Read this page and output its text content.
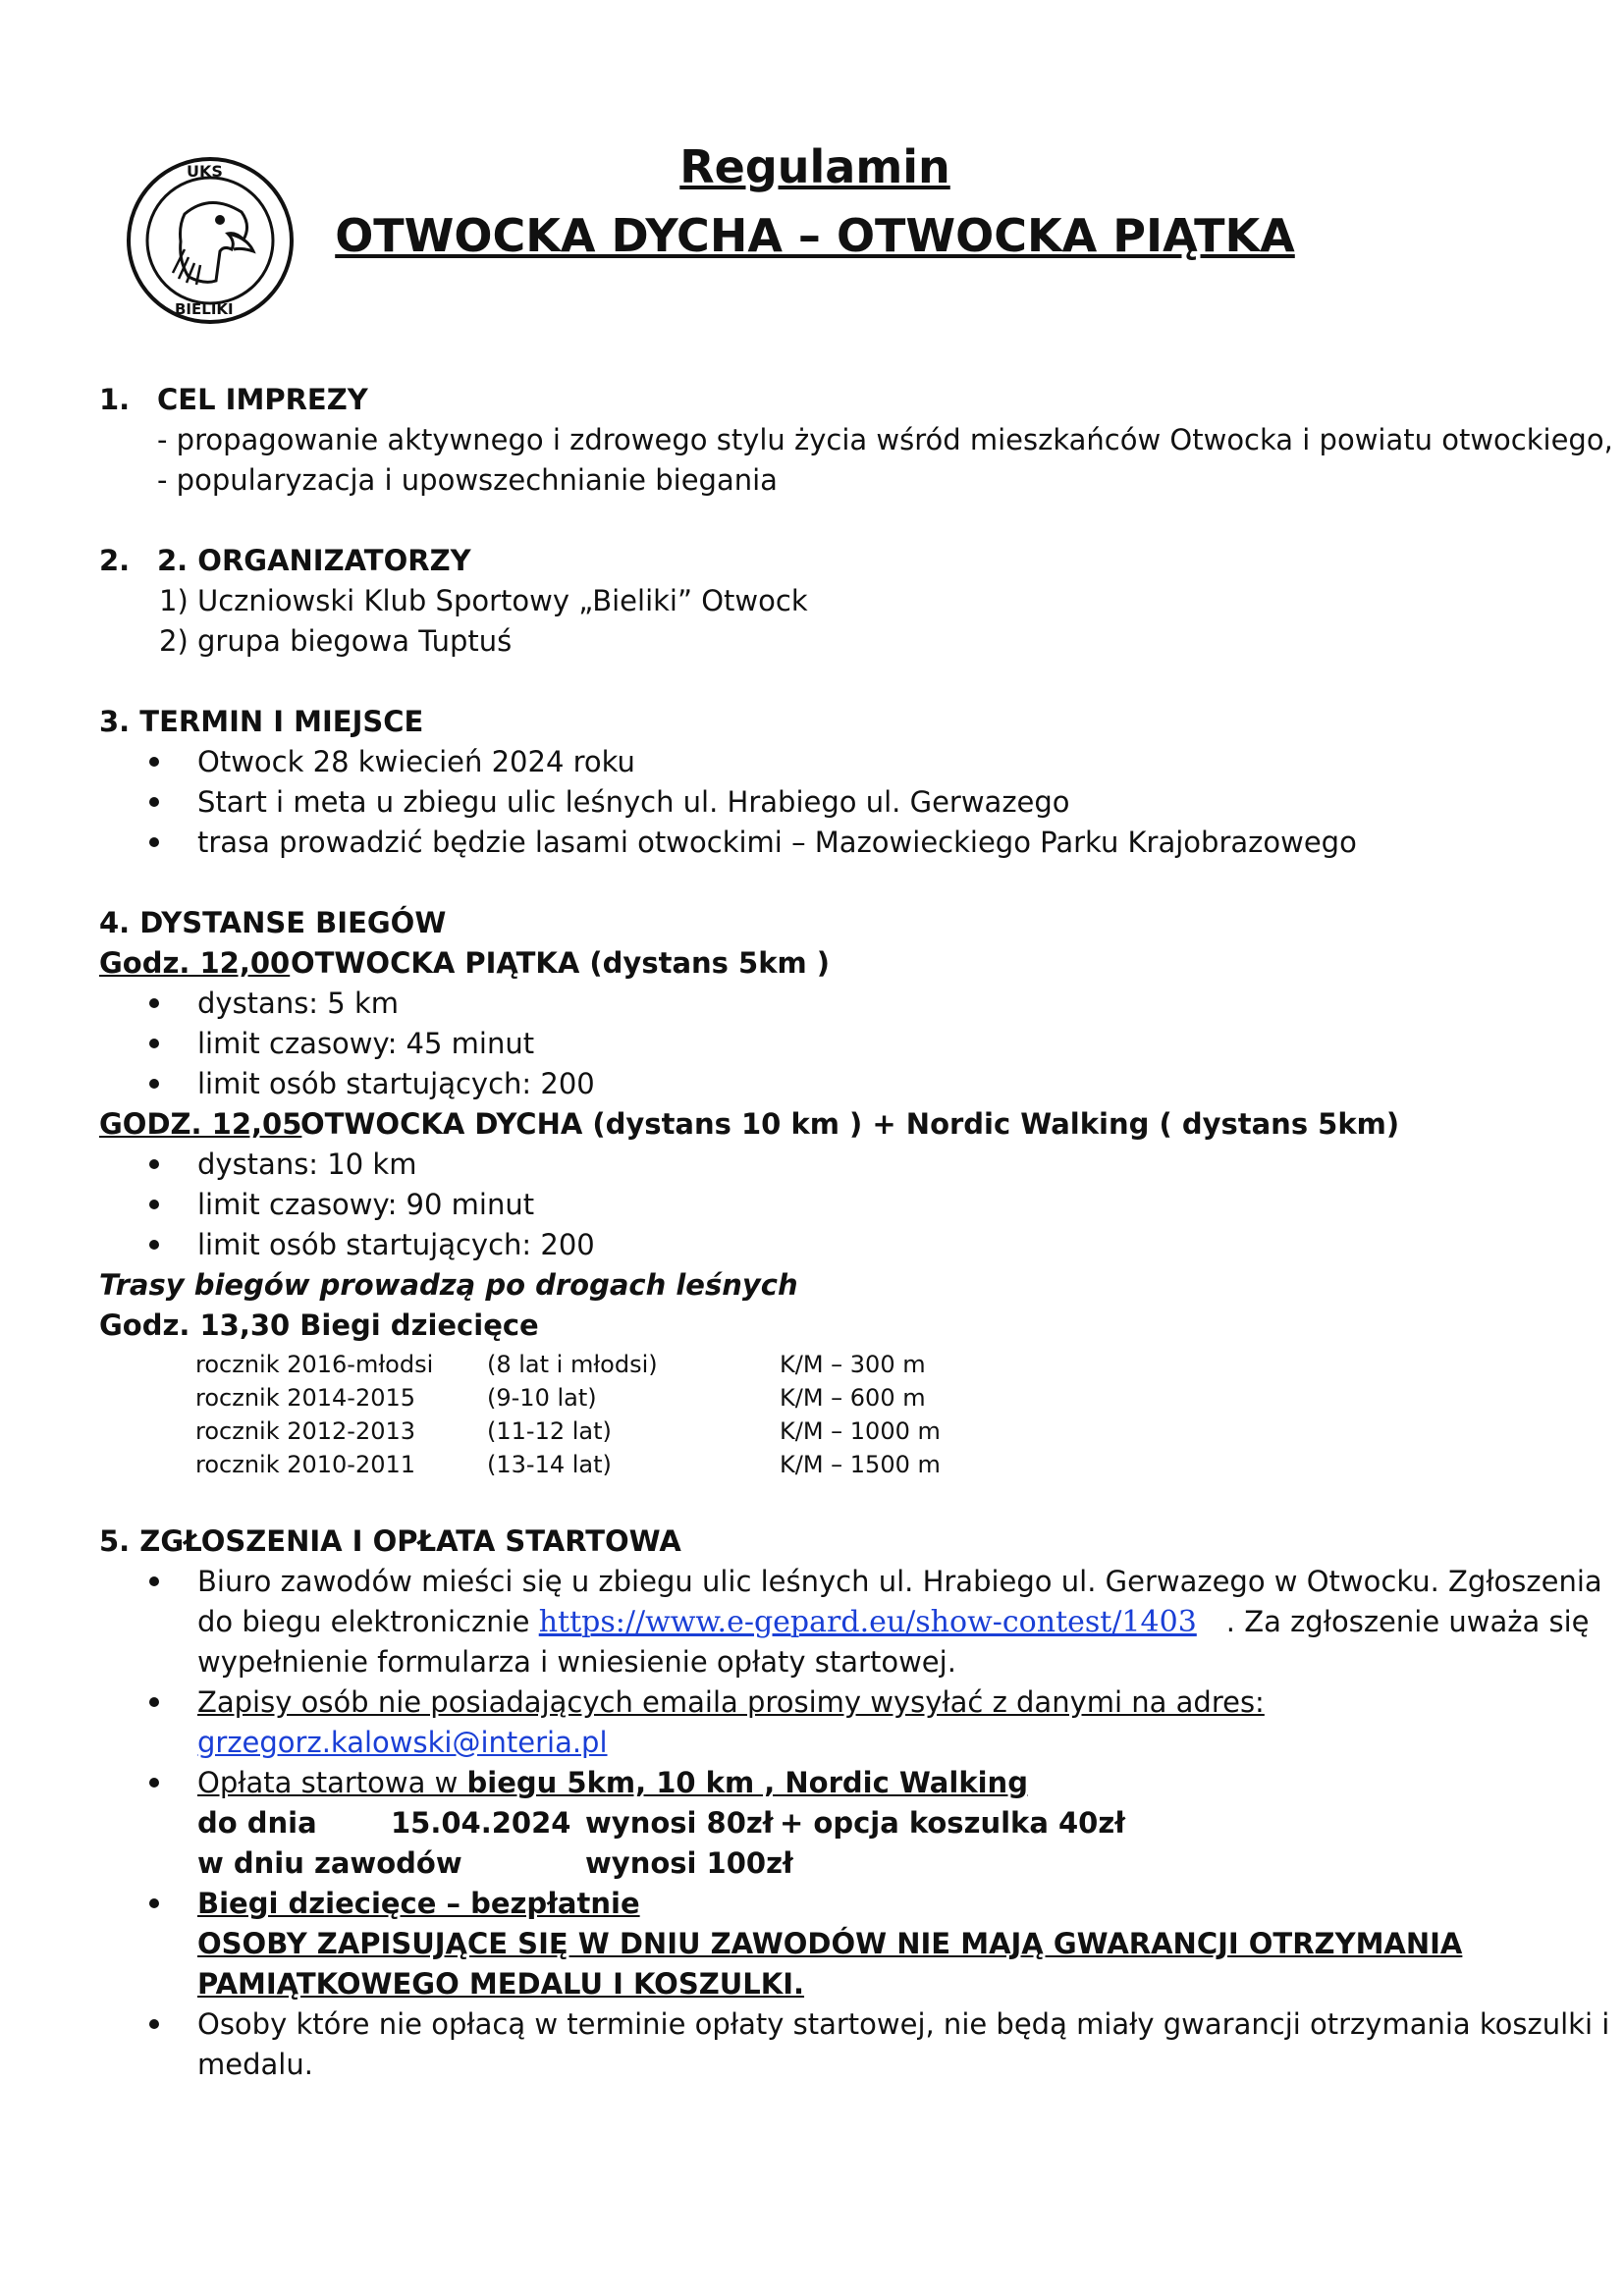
UKS
BIELIKI
Regulamin
OTWOCKA DYCHA – OTWOCKA PIĄTKA
1. CEL IMPREZY
- propagowanie aktywnego i zdrowego stylu życia wśród mieszkańców Otwocka i powiatu otwockiego,
- popularyzacja i upowszechnianie biegania
2. 2. ORGANIZATORZY
1) Uczniowski Klub Sportowy „Bieliki” Otwock
2) grupa biegowa Tuptuś
3. TERMIN I MIEJSCE
Otwock 28 kwiecień 2024 roku
Start i meta u zbiegu ulic leśnych ul. Hrabiego ul. Gerwazego
trasa prowadzić będzie lasami otwockimi – Mazowieckiego Parku Krajobrazowego
4. DYSTANSE BIEGÓW
Godz. 12,00 OTWOCKA PIĄTKA (dystans 5km )
dystans: 5 km
limit czasowy: 45 minut
limit osób startujących: 200
GODZ. 12,05
OTWOCKA DYCHA (dystans 10 km ) + Nordic Walking ( dystans 5km)
dystans: 10 km
limit czasowy: 90 minut
limit osób startujących: 200
Trasy biegów prowadzą po drogach leśnych
Godz. 13,30 Biegi dziecięce
rocznik 2016-młodsi (8 lat i młodsi)	K/M – 300 m
rocznik 2014-2015	(9-10 lat)	K/M – 600 m
rocznik 2012-2013	(11-12 lat)	K/M – 1000 m
rocznik 2010-2011	(13-14 lat)	K/M – 1500 m
5. ZGŁOSZENIA I OPŁATA STARTOWA
Biuro zawodów mieści się u zbiegu ulic leśnych ul. Hrabiego ul. Gerwazego w Otwocku. Zgłoszenia
do biegu elektronicznie https://www.e-gepard.eu/show-contest/1403 . Za zgłoszenie uważa się
wypełnienie formularza i wniesienie opłaty startowej.
Zapisy osób nie posiadających emaila prosimy wysyłać z danymi na adres:
grzegorz.kalowski@interia.pl
Opłata startowa w biegu 5km, 10 km , Nordic Walking
do dnia	15.04.2024 wynosi 80zł + opcja koszulka 40zł
w dniu zawodów	wynosi 100zł
Biegi dziecięce – bezpłatnie
OSOBY ZAPISUJĄCE SIĘ W DNIU ZAWODÓW NIE MAJĄ GWARANCJI OTRZYMANIA
PAMIĄTKOWEGO MEDALU I KOSZULKI.
Osoby które nie opłacą w terminie opłaty startowej, nie będą miały gwarancji otrzymania koszulki i
medalu.
